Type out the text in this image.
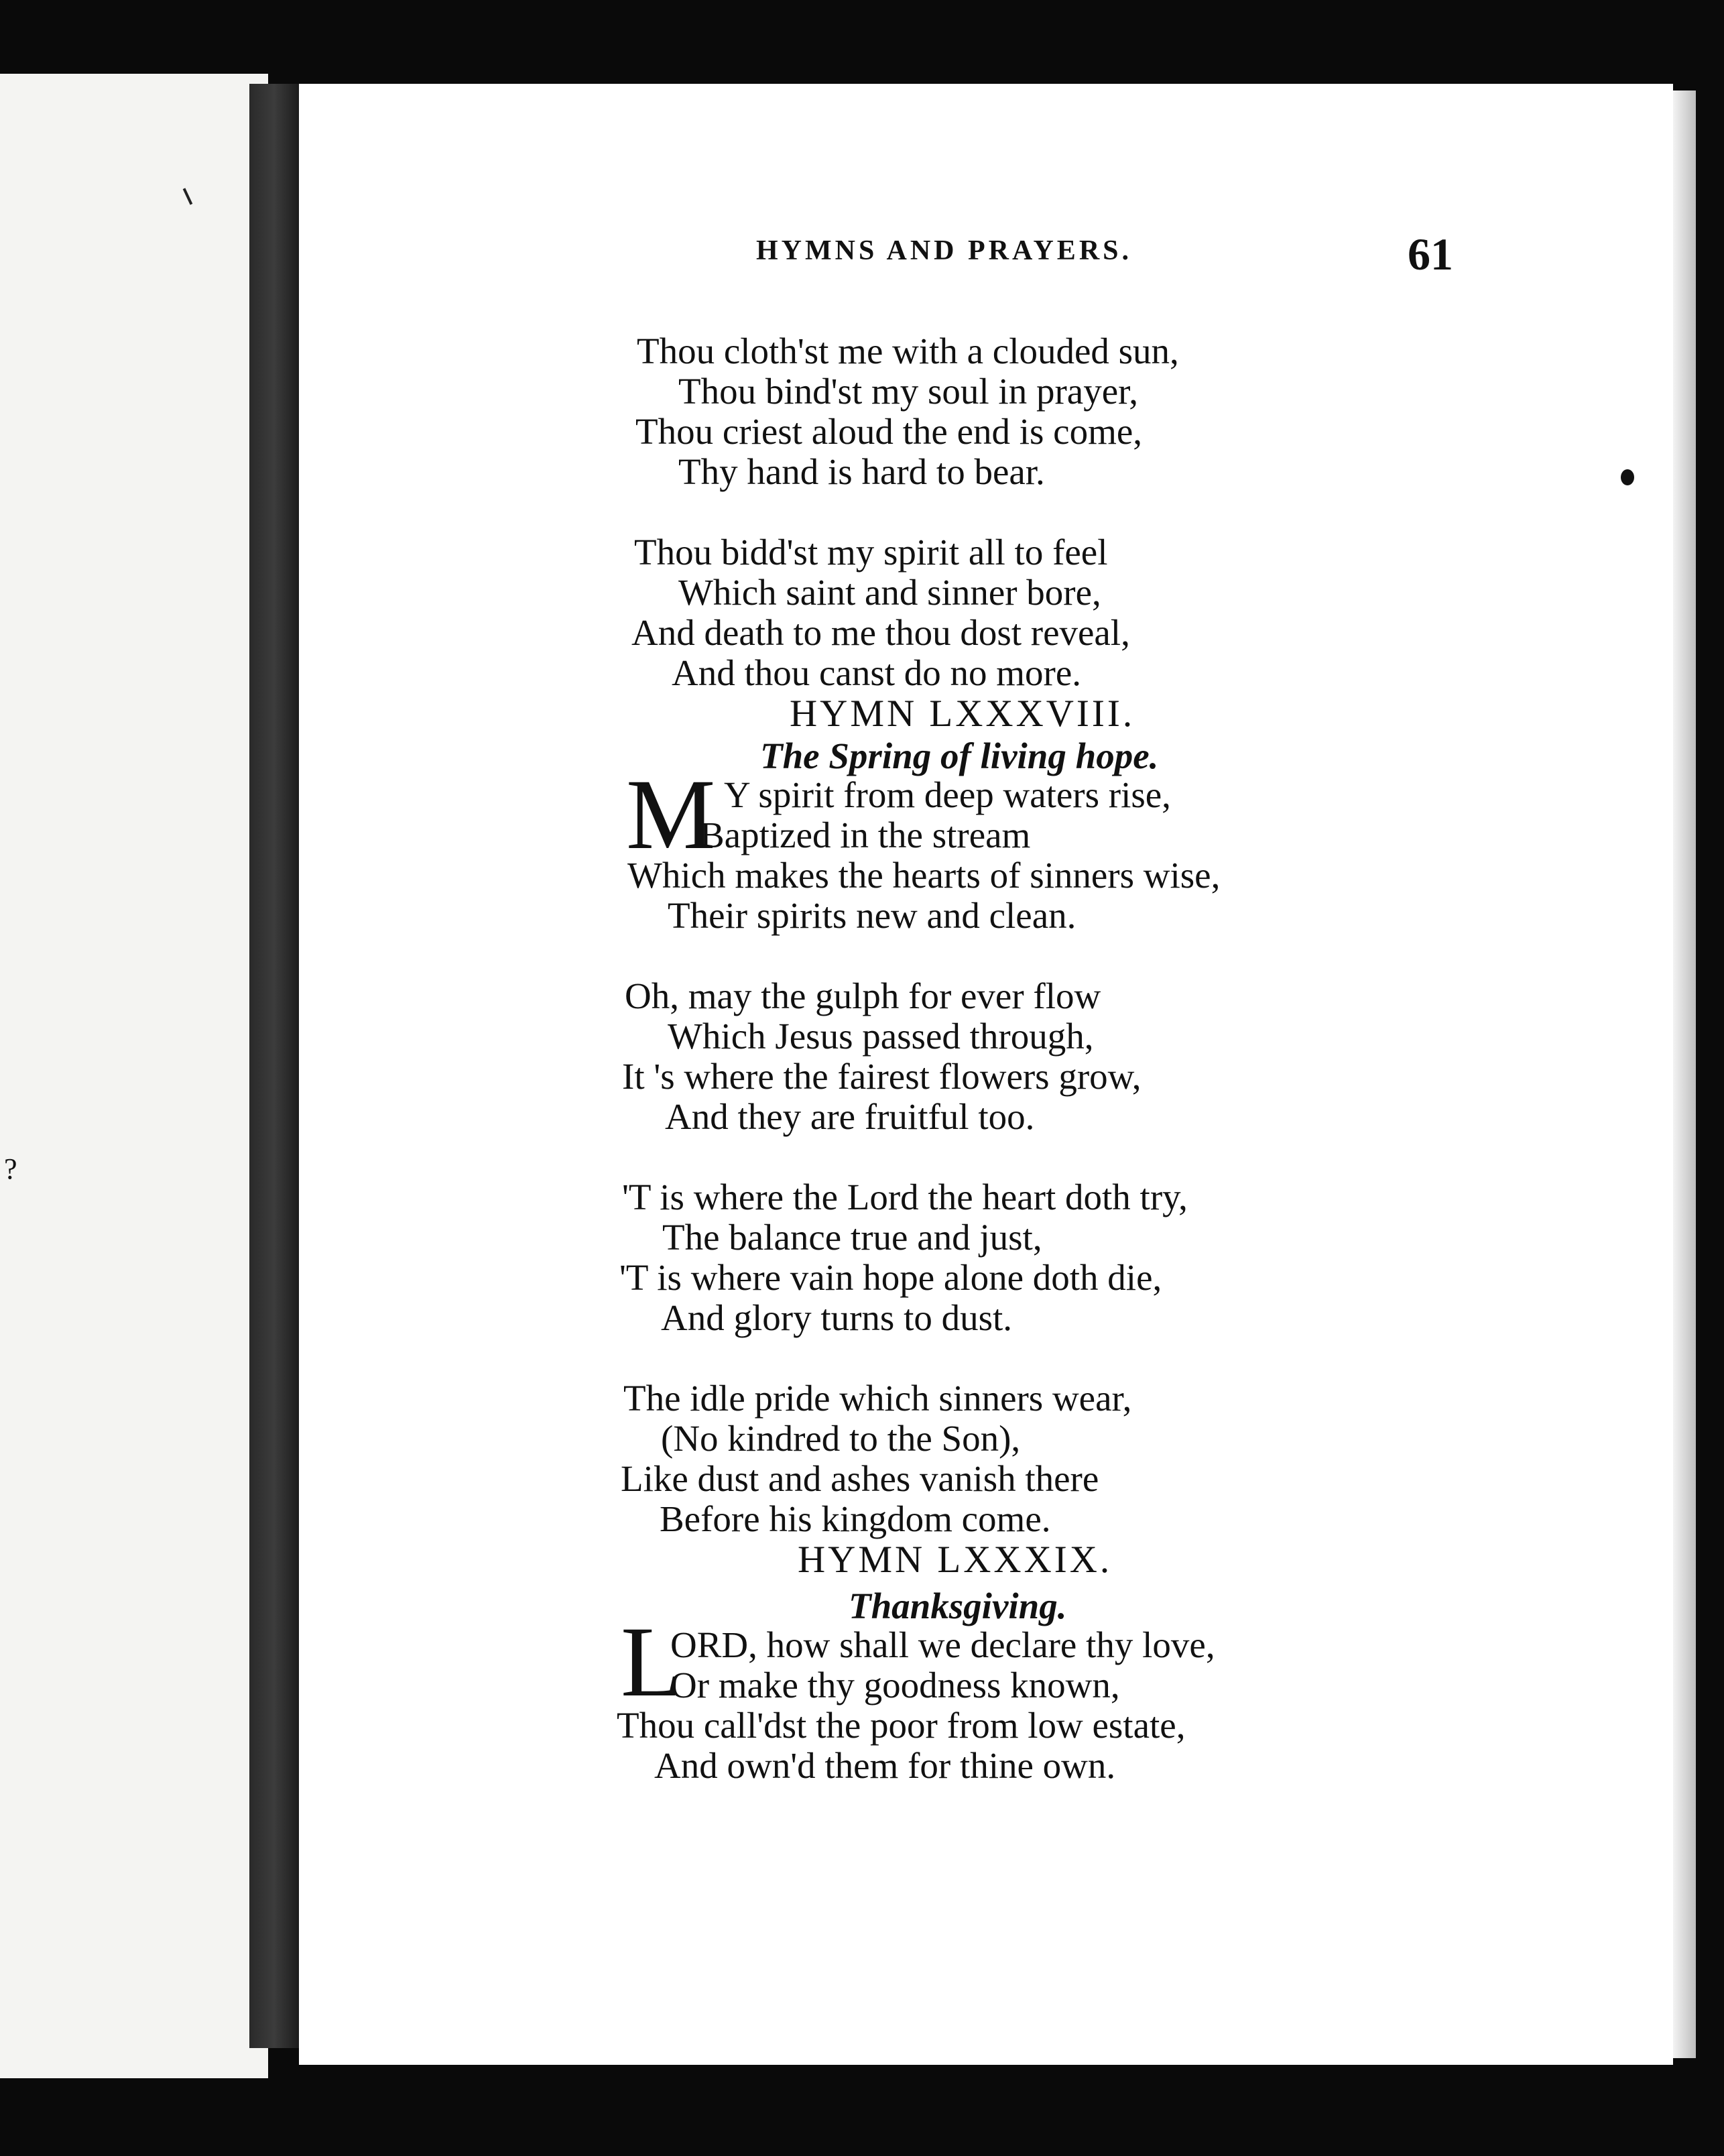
?
HYMNS AND PRAYERS.	61
Thou cloth'st me with a clouded sun,
Thou bind'st my soul in prayer,
Thou criest aloud the end is come,
Thy hand is hard to bear.
Thou bidd'st my spirit all to feel
Which saint and sinner bore,
And death to me thou dost reveal,
And thou canst do no more.
HYMN LXXXVIII.
The Spring of living hope.
M Y spirit from deep waters rise,
Baptized in the stream
Which makes the hearts of sinners wise,
Their spirits new and clean.
Oh, may the gulph for ever flow
Which Jesus passed through,
It 's where the fairest flowers grow,
And they are fruitful too.
'T is where the Lord the heart doth try,
The balance true and just,
'T is where vain hope alone doth die,
And glory turns to dust.
The idle pride which sinners wear,
(No kindred to the Son),
Like dust and ashes vanish there
Before his kingdom come.
HYMN LXXXIX.
Thanksgiving.
L
ORD, how shall we declare thy love,
Or make thy goodness known,
Thou call'dst the poor from low estate,
And own'd them for thine own.
